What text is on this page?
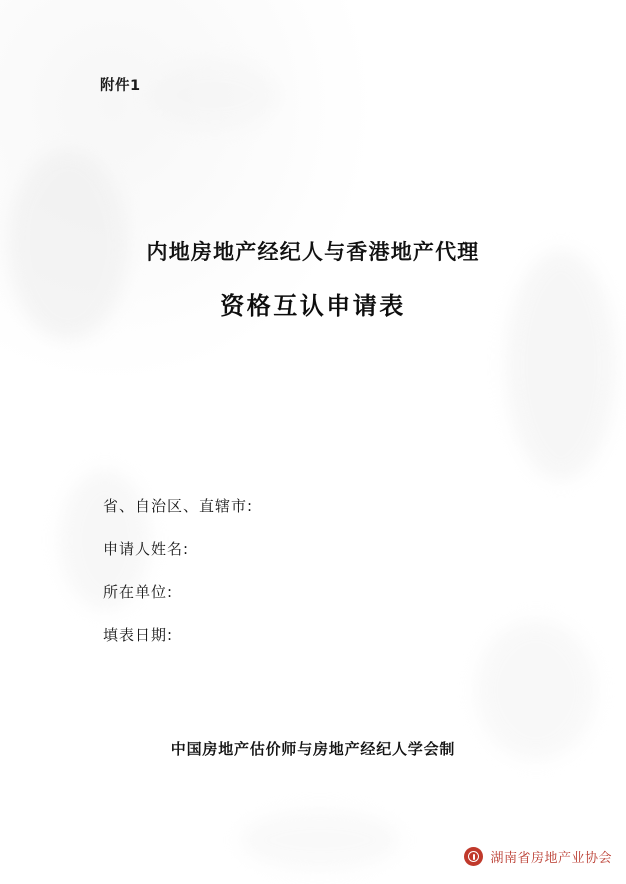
附件1
内地房地产经纪人与香港地产代理
资格互认申请表
省、自治区、直辖市:
申请人姓名:
所在单位:
填表日期:
中国房地产估价师与房地产经纪人学会制
湖南省房地产业协会
